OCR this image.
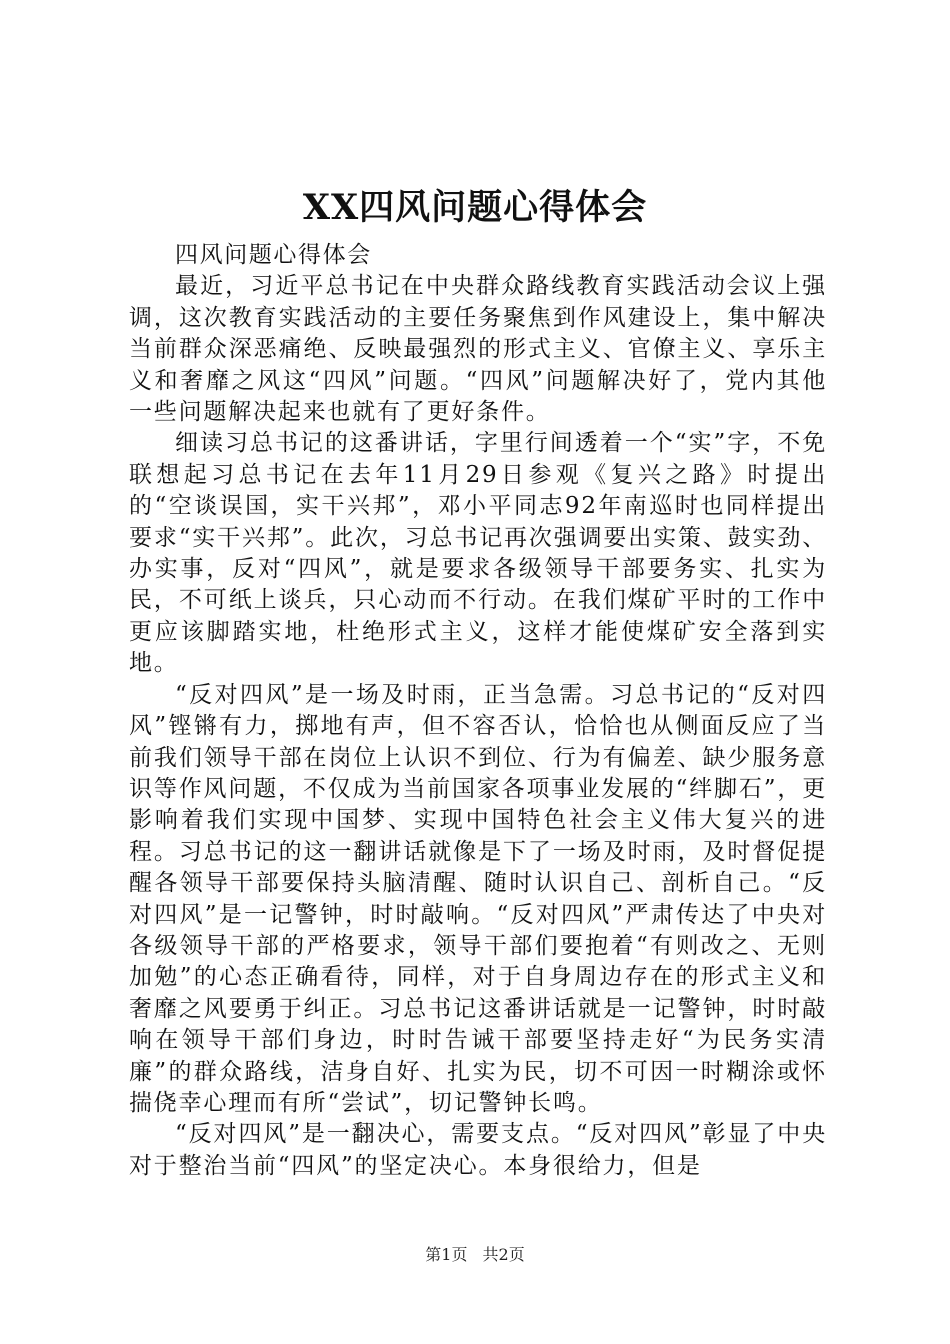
XX四风问题心得体会

四风问题心得体会

最近，习近平总书记在中央群众路线教育实践活动会议上强调，这次教育实践活动的主要任务聚焦到作风建设上，集中解决当前群众深恶痛绝、反映最强烈的形式主义、官僚主义、享乐主义和奢靡之风这“四风”问题。“四风”问题解决好了，党内其他一些问题解决起来也就有了更好条件。

细读习总书记的这番讲话，字里行间透着一个“实”字，不免联想起习总书记在去年11月29日参观《复兴之路》时提出的“空谈误国，实干兴邦”，邓小平同志92年南巡时也同样提出要求“实干兴邦”。此次，习总书记再次强调要出实策、鼓实劲、办实事，反对“四风”，就是要求各级领导干部要务实、扎实为民，不可纸上谈兵，只心动而不行动。在我们煤矿平时的工作中更应该脚踏实地，杜绝形式主义，这样才能使煤矿安全落到实地。

“反对四风”是一场及时雨，正当急需。习总书记的“反对四风”铿锵有力，掷地有声，但不容否认，恰恰也从侧面反应了当前我们领导干部在岗位上认识不到位、行为有偏差、缺少服务意识等作风问题，不仅成为当前国家各项事业发展的“绊脚石”，更影响着我们实现中国梦、实现中国特色社会主义伟大复兴的进程。习总书记的这一翻讲话就像是下了一场及时雨，及时督促提醒各领导干部要保持头脑清醒、随时认识自己、剖析自己。“反对四风”是一记警钟，时时敲响。“反对四风”严肃传达了中央对各级领导干部的严格要求，领导干部们要抱着“有则改之、无则加勉”的心态正确看待，同样，对于自身周边存在的形式主义和奢靡之风要勇于纠正。习总书记这番讲话就是一记警钟，时时敲响在领导干部们身边，时时告诫干部要坚持走好“为民务实清廉”的群众路线，洁身自好、扎实为民，切不可因一时糊涂或怀揣侥幸心理而有所“尝试”，切记警钟长鸣。

“反对四风”是一翻决心，需要支点。“反对四风”彰显了中央对于整治当前“四风”的坚定决心。本身很给力，但是

第1页 共2页
